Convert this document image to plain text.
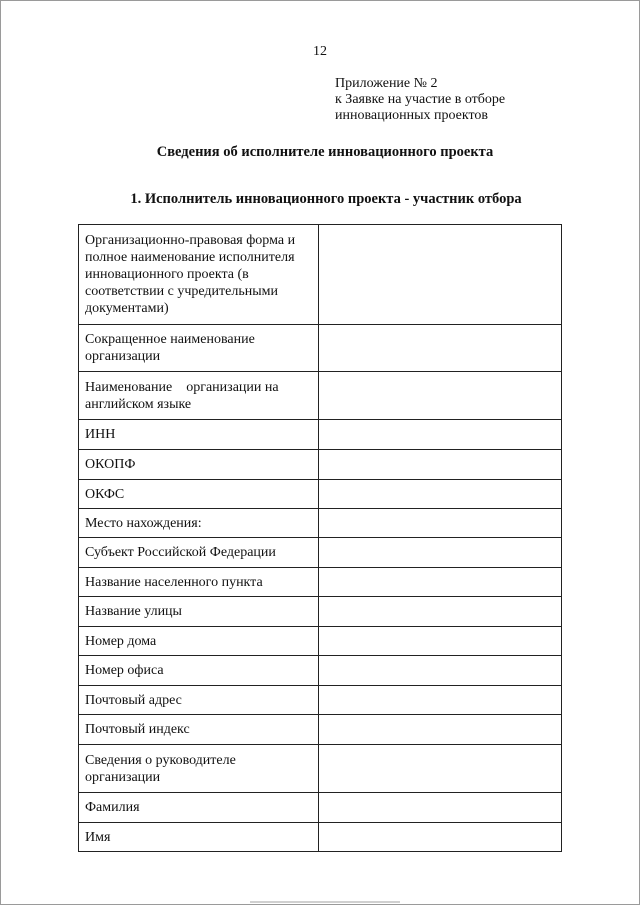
12
Приложение № 2
к Заявке на участие в отборе
инновационных проектов
Сведения об исполнителе инновационного проекта
1. Исполнитель инновационного проекта - участник отбора
Организационно-правовая форма и полное наименование исполнителя инновационного проекта (в соответствии с учредительными документами)	
Сокращенное наименование организации	
Наименование    организации на английском языке	
ИНН	
ОКОПФ	
ОКФС	
Место нахождения:	
Субъект Российской Федерации	
Название населенного пункта	
Название улицы	
Номер дома	
Номер офиса	
Почтовый адрес	
Почтовый индекс	
Сведения о руководителе организации	
Фамилия	
Имя	
